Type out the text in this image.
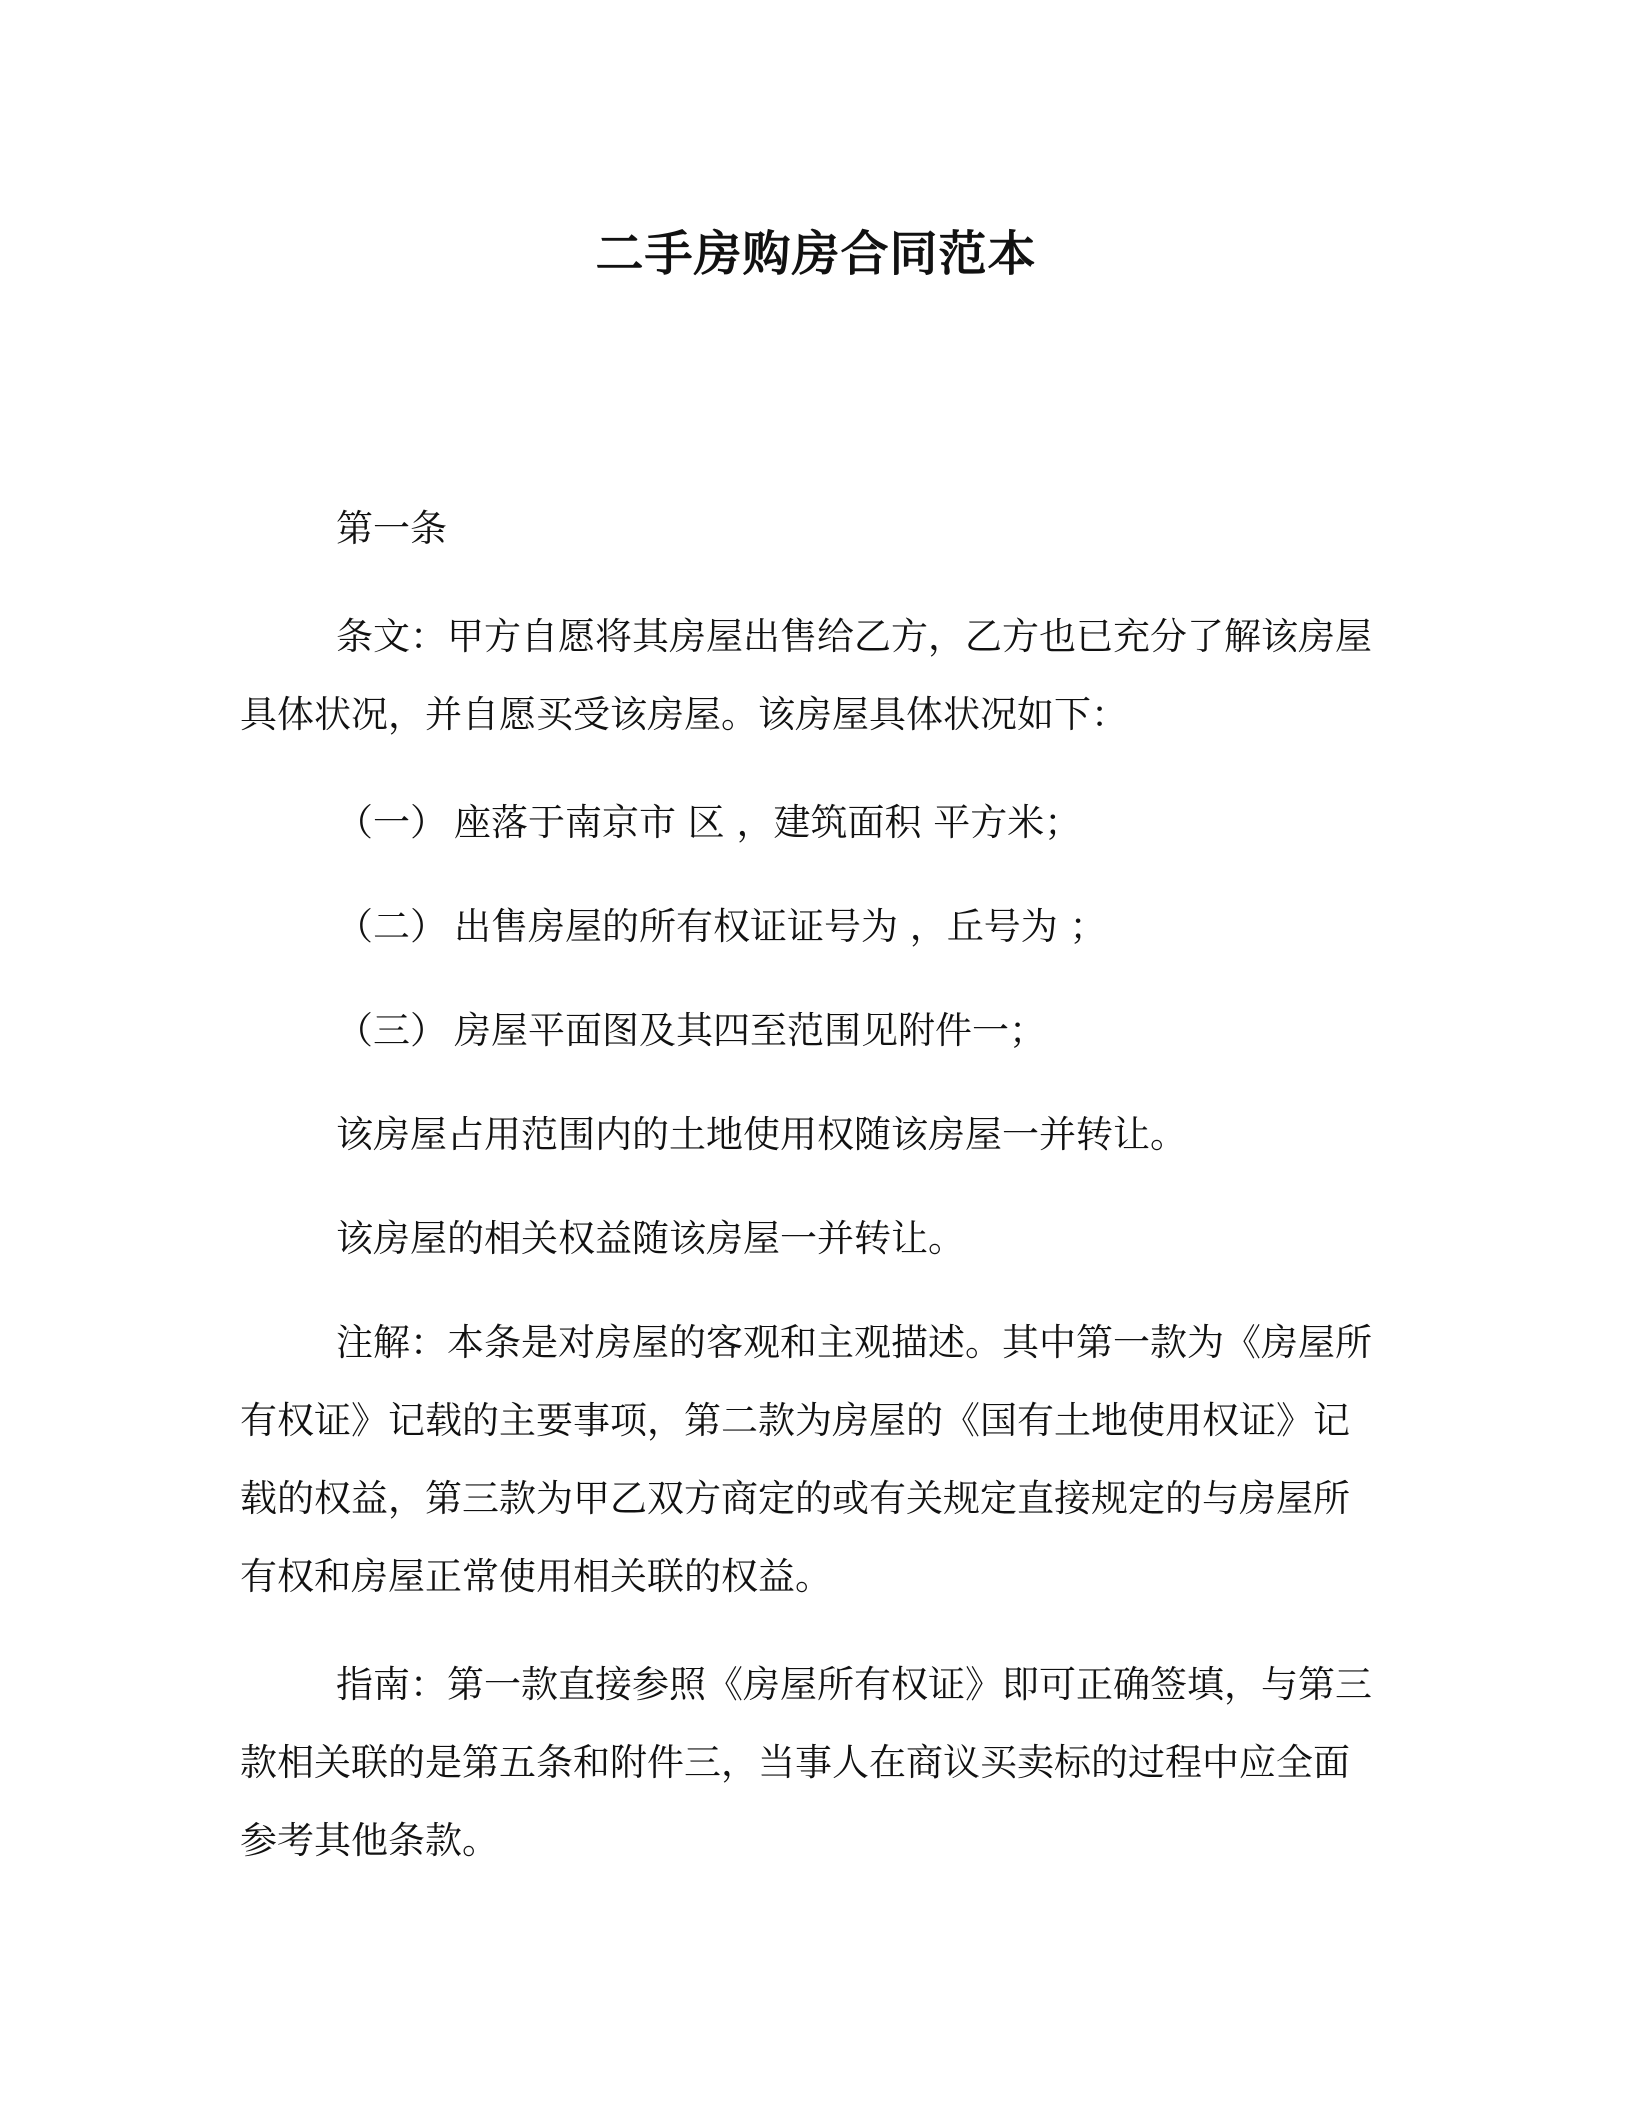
二手房购房合同范本

第一条

条文：甲方自愿将其房屋出售给乙方，乙方也已充分了解该房屋具体状况，并自愿买受该房屋。该房屋具体状况如下：

（一） 座落于南京市 区 ，建筑面积 平方米；

（二） 出售房屋的所有权证证号为 ，丘号为 ；

（三） 房屋平面图及其四至范围见附件一；

该房屋占用范围内的土地使用权随该房屋一并转让。

该房屋的相关权益随该房屋一并转让。

注解：本条是对房屋的客观和主观描述。其中第一款为《房屋所有权证》记载的主要事项，第二款为房屋的《国有土地使用权证》记载的权益，第三款为甲乙双方商定的或有关规定直接规定的与房屋所有权和房屋正常使用相关联的权益。

指南：第一款直接参照《房屋所有权证》即可正确签填，与第三款相关联的是第五条和附件三，当事人在商议买卖标的过程中应全面参考其他条款。
